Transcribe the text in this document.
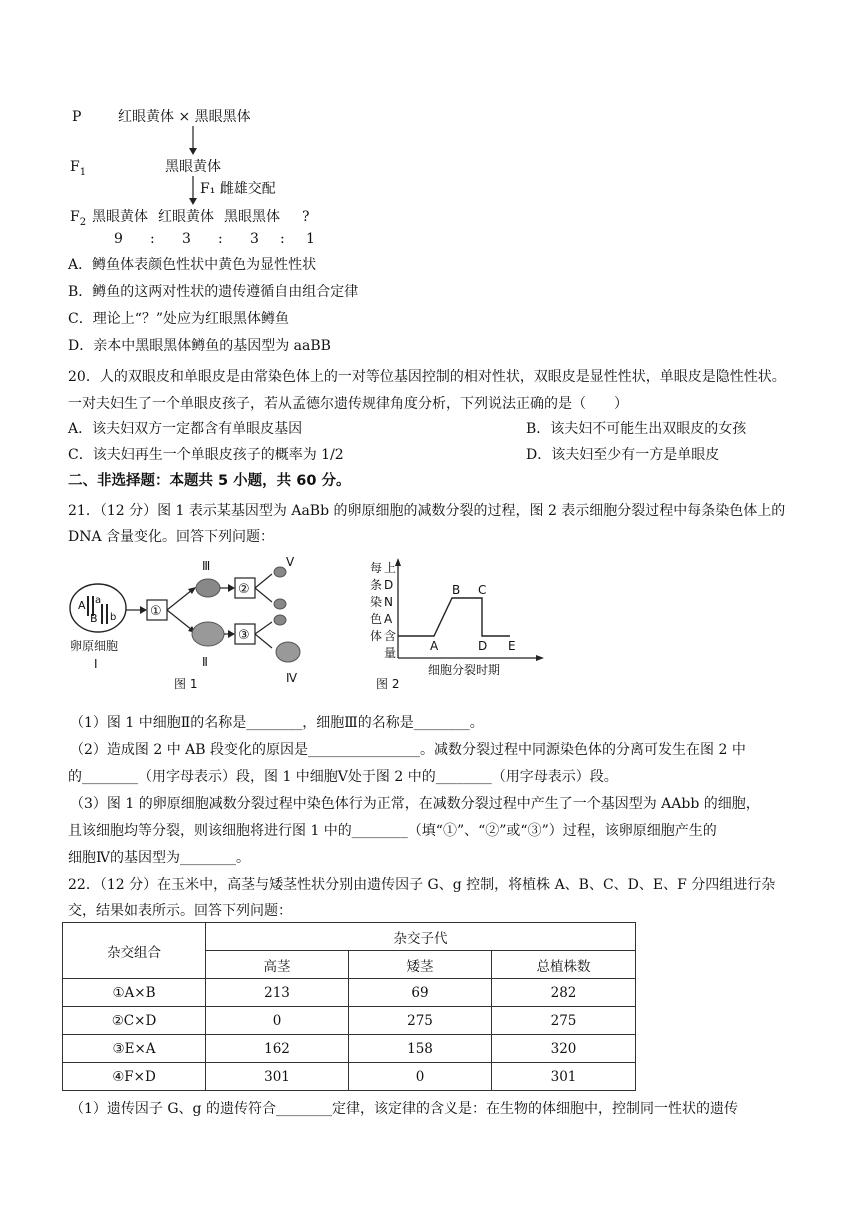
P	红眼黄体 × 黑眼黑体
$F_1$	黑眼黄体
F₁ 雌雄交配
$F_2$ 黑眼黄体 红眼黄体 黑眼黑体 ?
9 : 3 : 3 : 1
A．鳟鱼体表颜色性状中黄色为显性性状
B．鳟鱼的这两对性状的遗传遵循自由组合定律
C．理论上“？”处应为红眼黑体鳟鱼
D．亲本中黑眼黑体鳟鱼的基因型为 aaBB
20．人的双眼皮和单眼皮是由常染色体上的一对等位基因控制的相对性状，双眼皮是显性性状，单眼皮是隐性性状。一对夫妇生了一个单眼皮孩子，若从孟德尔遗传规律角度分析，下列说法正确的是（　　）
A．该夫妇双方一定都含有单眼皮基因	B．该夫妇不可能生出双眼皮的女孩
C．该夫妇再生一个单眼皮孩子的概率为 1/2	D．该夫妇至少有一方是单眼皮
二、非选择题：本题共 5 小题，共 60 分。
21．（12 分）图 1 表示某基因型为 AaBb 的卵原细胞的减数分裂的过程，图 2 表示细胞分裂过程中每条染色体上的 DNA 含量变化。回答下列问题：
A a
B b
卵原细胞
Ⅰ
①
Ⅲ
Ⅱ
②
③
Ⅳ
Ⅴ
图 1
每条染色体上 D N A 含量	A
B C
D E
细胞分裂时期
图 2
（1）图 1 中细胞Ⅱ的名称是________，细胞Ⅲ的名称是________。
（2）造成图 2 中 AB 段变化的原因是________________。减数分裂过程中同源染色体的分离可发生在图 2 中
的________（用字母表示）段，图 1 中细胞Ⅴ处于图 2 中的________（用字母表示）段。
（3）图 1 的卵原细胞减数分裂过程中染色体行为正常，在减数分裂过程中产生了一个基因型为 AAbb 的细胞，
且该细胞均等分裂，则该细胞将进行图 1 中的________（填“①”、“②”或“③”）过程，该卵原细胞产生的
细胞Ⅳ的基因型为________。
22．（12 分）在玉米中，高茎与矮茎性状分别由遗传因子 G、g 控制，将植株 A、B、C、D、E、F 分四组进行杂交，结果如表所示。回答下列问题：
杂交组合	杂交子代		
	高茎	矮茎	总植株数
①A×B	213	69	282
②C×D	0	275	275
③E×A	162	158	320
④F×D	301	0	301
（1）遗传因子 G、g 的遗传符合________定律，该定律的含义是：在生物的体细胞中，控制同一性状的遗传
